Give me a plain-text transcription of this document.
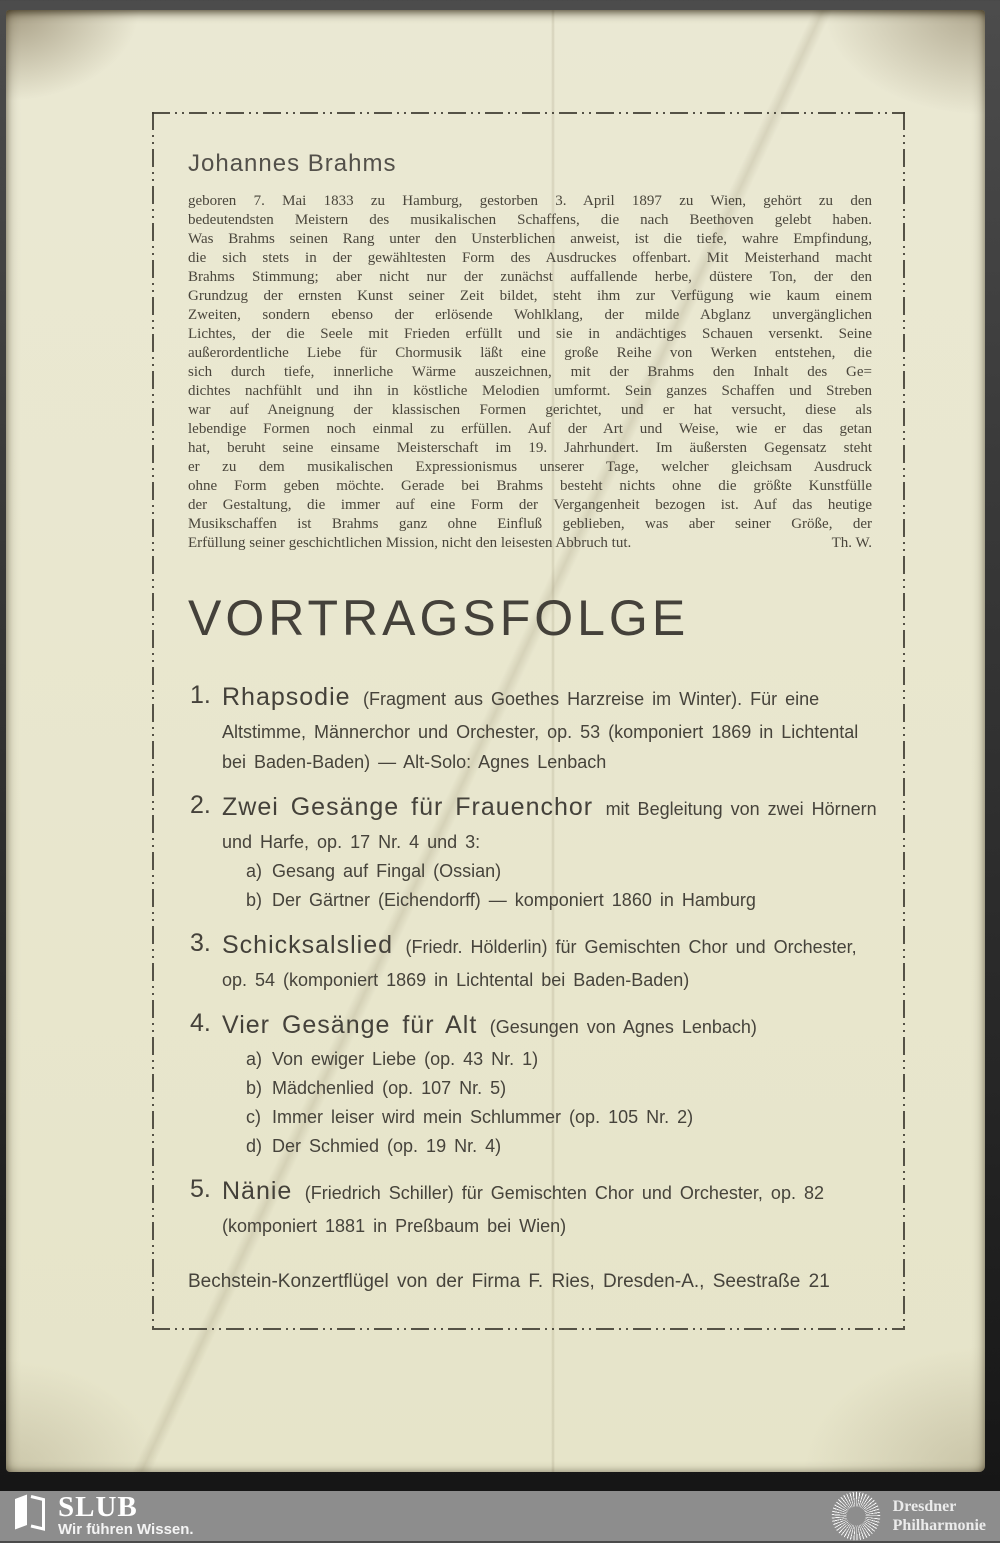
Johannes Brahms
geboren 7. Mai 1833 zu Hamburg, gestorben 3. April 1897 zu Wien, gehört zu den
bedeutendsten Meistern des musikalischen Schaffens, die nach Beethoven gelebt haben.
Was Brahms seinen Rang unter den Unsterblichen anweist, ist die tiefe, wahre Empfindung,
die sich stets in der gewähltesten Form des Ausdruckes offenbart. Mit Meisterhand macht
Brahms Stimmung; aber nicht nur der zunächst auffallende herbe, düstere Ton, der den
Grundzug der ernsten Kunst seiner Zeit bildet, steht ihm zur Verfügung wie kaum einem
Zweiten, sondern ebenso der erlösende Wohlklang, der milde Abglanz unvergänglichen
Lichtes, der die Seele mit Frieden erfüllt und sie in andächtiges Schauen versenkt. Seine
außerordentliche Liebe für Chormusik läßt eine große Reihe von Werken entstehen, die
sich durch tiefe, innerliche Wärme auszeichnen, mit der Brahms den Inhalt des Ge=
dichtes nachfühlt und ihn in köstliche Melodien umformt. Sein ganzes Schaffen und Streben
war auf Aneignung der klassischen Formen gerichtet, und er hat versucht, diese als
lebendige Formen noch einmal zu erfüllen. Auf der Art und Weise, wie er das getan
hat, beruht seine einsame Meisterschaft im 19. Jahrhundert. Im äußersten Gegensatz steht
er zu dem musikalischen Expressionismus unserer Tage, welcher gleichsam Ausdruck
ohne Form geben möchte. Gerade bei Brahms besteht nichts ohne die größte Kunstfülle
der Gestaltung, die immer auf eine Form der Vergangenheit bezogen ist. Auf das heutige
Musikschaffen ist Brahms ganz ohne Einfluß geblieben, was aber seiner Größe, der
Erfüllung seiner geschichtlichen Mission, nicht den leisesten Abbruch tut.	Th. W.
VORTRAGSFOLGE
1. Rhapsodie (Fragment aus Goethes Harzreise im Winter). Für eine
Altstimme, Männerchor und Orchester, op. 53 (komponiert 1869 in Lichtental
bei Baden-Baden) — Alt-Solo: Agnes Lenbach
2. Zwei Gesänge für Frauenchor mit Begleitung von zwei Hörnern
und Harfe, op. 17 Nr. 4 und 3:
a) Gesang auf Fingal (Ossian)
b) Der Gärtner (Eichendorff) — komponiert 1860 in Hamburg
3. Schicksalslied (Friedr. Hölderlin) für Gemischten Chor und Orchester,
op. 54 (komponiert 1869 in Lichtental bei Baden-Baden)
4. Vier Gesänge für Alt (Gesungen von Agnes Lenbach)
a) Von ewiger Liebe (op. 43 Nr. 1)
b) Mädchenlied (op. 107 Nr. 5)
c) Immer leiser wird mein Schlummer (op. 105 Nr. 2)
d) Der Schmied (op. 19 Nr. 4)
5. Nänie (Friedrich Schiller) für Gemischten Chor und Orchester, op. 82
(komponiert 1881 in Preßbaum bei Wien)
Bechstein-Konzertflügel von der Firma F. Ries, Dresden-A., Seestraße 21
SLUB
Wir führen Wissen.
Dresdner
Philharmonie
